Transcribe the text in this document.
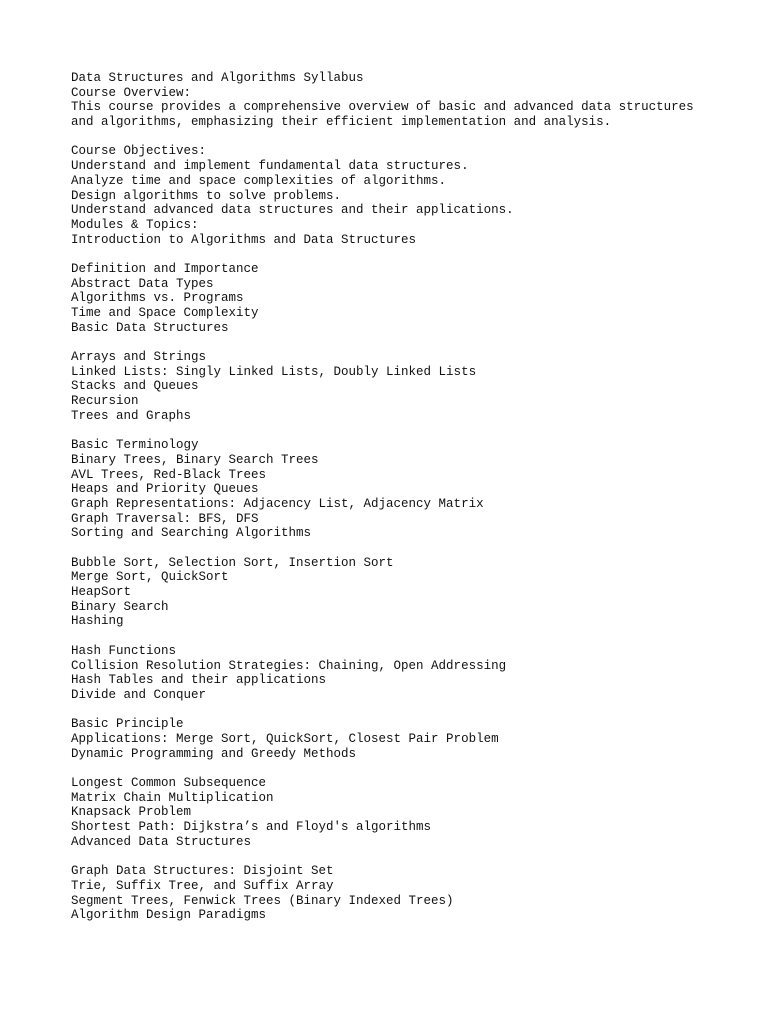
Data Structures and Algorithms Syllabus
Course Overview:
This course provides a comprehensive overview of basic and advanced data structures
and algorithms, emphasizing their efficient implementation and analysis.
Course Objectives:
Understand and implement fundamental data structures.
Analyze time and space complexities of algorithms.
Design algorithms to solve problems.
Understand advanced data structures and their applications.
Modules & Topics:
Introduction to Algorithms and Data Structures
Definition and Importance
Abstract Data Types
Algorithms vs. Programs
Time and Space Complexity
Basic Data Structures
Arrays and Strings
Linked Lists: Singly Linked Lists, Doubly Linked Lists
Stacks and Queues
Recursion
Trees and Graphs
Basic Terminology
Binary Trees, Binary Search Trees
AVL Trees, Red-Black Trees
Heaps and Priority Queues
Graph Representations: Adjacency List, Adjacency Matrix
Graph Traversal: BFS, DFS
Sorting and Searching Algorithms
Bubble Sort, Selection Sort, Insertion Sort
Merge Sort, QuickSort
HeapSort
Binary Search
Hashing
Hash Functions
Collision Resolution Strategies: Chaining, Open Addressing
Hash Tables and their applications
Divide and Conquer
Basic Principle
Applications: Merge Sort, QuickSort, Closest Pair Problem
Dynamic Programming and Greedy Methods
Longest Common Subsequence
Matrix Chain Multiplication
Knapsack Problem
Shortest Path: Dijkstra’s and Floyd's algorithms
Advanced Data Structures
Graph Data Structures: Disjoint Set
Trie, Suffix Tree, and Suffix Array
Segment Trees, Fenwick Trees (Binary Indexed Trees)
Algorithm Design Paradigms
